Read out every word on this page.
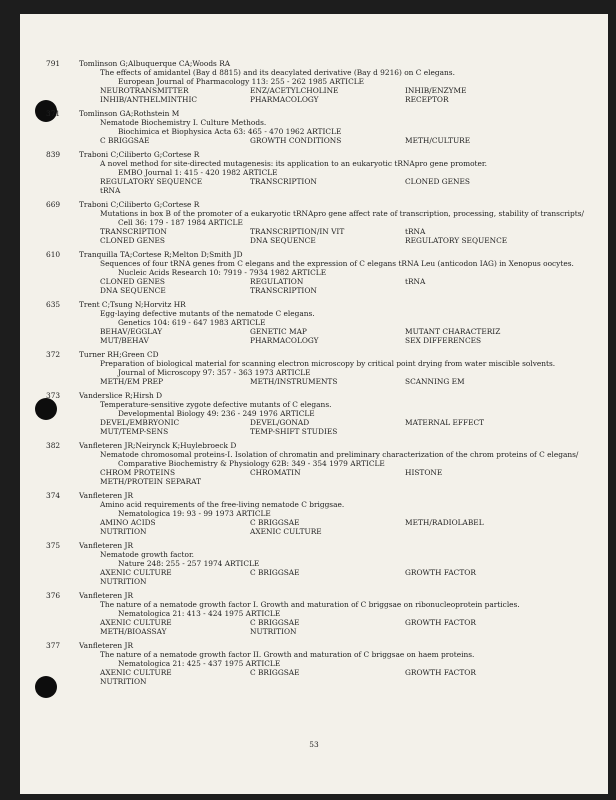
791	Tomlinson G;Albuquerque CA;Woods RA
The effects of amidantel (Bay d 8815) and its deacylated derivative (Bay d 9216) on C elegans.
European Journal of Pharmacology 113: 255 - 262 1985 ARTICLE
NEUROTRANSMITTER	ENZ/ACETYLCHOLINE	INHIB/ENZYME
INHIB/ANTHELMINTHIC	PHARMACOLOGY	RECEPTOR
371	Tomlinson GA;Rothstein M
Nematode Biochemistry I. Culture Methods.
Biochimica et Biophysica Acta 63: 465 - 470 1962 ARTICLE
C BRIGGSAE	GROWTH CONDITIONS	METH/CULTURE
839	Traboni C;Ciliberto G;Cortese R
A novel method for site-directed mutagenesis: its application to an eukaryotic tRNApro gene promoter.
EMBO Journal 1: 415 - 420 1982 ARTICLE
REGULATORY SEQUENCE	TRANSCRIPTION	CLONED GENES
tRNA
669	Traboni C;Ciliberto G;Cortese R
Mutations in box B of the promoter of a eukaryotic tRNApro gene affect rate of transcription, processing, stability of transcripts/
Cell 36: 179 - 187 1984 ARTICLE
TRANSCRIPTION	TRANSCRIPTION/IN VIT	tRNA
CLONED GENES	DNA SEQUENCE	REGULATORY SEQUENCE
610	Tranquilla TA;Cortese R;Melton D;Smith JD
Sequences of four tRNA genes from C elegans and the expression of C elegans tRNA Leu (anticodon IAG) in Xenopus oocytes.
Nucleic Acids Research 10: 7919 - 7934 1982 ARTICLE
CLONED GENES	REGULATION	tRNA
DNA SEQUENCE	TRANSCRIPTION
635	Trent C;Tsung N;Horvitz HR
Egg-laying defective mutants of the nematode C elegans.
Genetics 104: 619 - 647 1983 ARTICLE
BEHAV/EGGLAY	GENETIC MAP	MUTANT CHARACTERIZ
MUT/BEHAV	PHARMACOLOGY	SEX DIFFERENCES
372	Turner RH;Green CD
Preparation of biological material for scanning electron microscopy by critical point drying from water miscible solvents.
Journal of Microscopy 97: 357 - 363 1973 ARTICLE
METH/EM PREP	METH/INSTRUMENTS	SCANNING EM
373	Vanderslice R;Hirsh D
Temperature-sensitive zygote defective mutants of C elegans.
Developmental Biology 49: 236 - 249 1976 ARTICLE
DEVEL/EMBRYONIC	DEVEL/GONAD	MATERNAL EFFECT
MUT/TEMP-SENS	TEMP-SHIFT STUDIES
382	Vanfleteren JR;Neirynck K;Huylebroeck D
Nematode chromosomal proteins-I. Isolation of chromatin and preliminary characterization of the chrom proteins of C elegans/
Comparative Biochemistry & Physiology 62B: 349 - 354 1979 ARTICLE
CHROM PROTEINS	CHROMATIN	HISTONE
METH/PROTEIN SEPARAT
374	Vanfleteren JR
Amino acid requirements of the free-living nematode C briggsae.
Nematologica 19: 93 - 99 1973 ARTICLE
AMINO ACIDS	C BRIGGSAE	METH/RADIOLABEL
NUTRITION	AXENIC CULTURE
375	Vanfleteren JR
Nematode growth factor.
Nature 248: 255 - 257 1974 ARTICLE
AXENIC CULTURE	C BRIGGSAE	GROWTH FACTOR
NUTRITION
376	Vanfleteren JR
The nature of a nematode growth factor I. Growth and maturation of C briggsae on ribonucleoprotein particles.
Nematologica 21: 413 - 424 1975 ARTICLE
AXENIC CULTURE	C BRIGGSAE	GROWTH FACTOR
METH/BIOASSAY	NUTRITION
377	Vanfleteren JR
The nature of a nematode growth factor II. Growth and maturation of C briggsae on haem proteins.
Nematologica 21: 425 - 437 1975 ARTICLE
AXENIC CULTURE	C BRIGGSAE	GROWTH FACTOR
NUTRITION
53
